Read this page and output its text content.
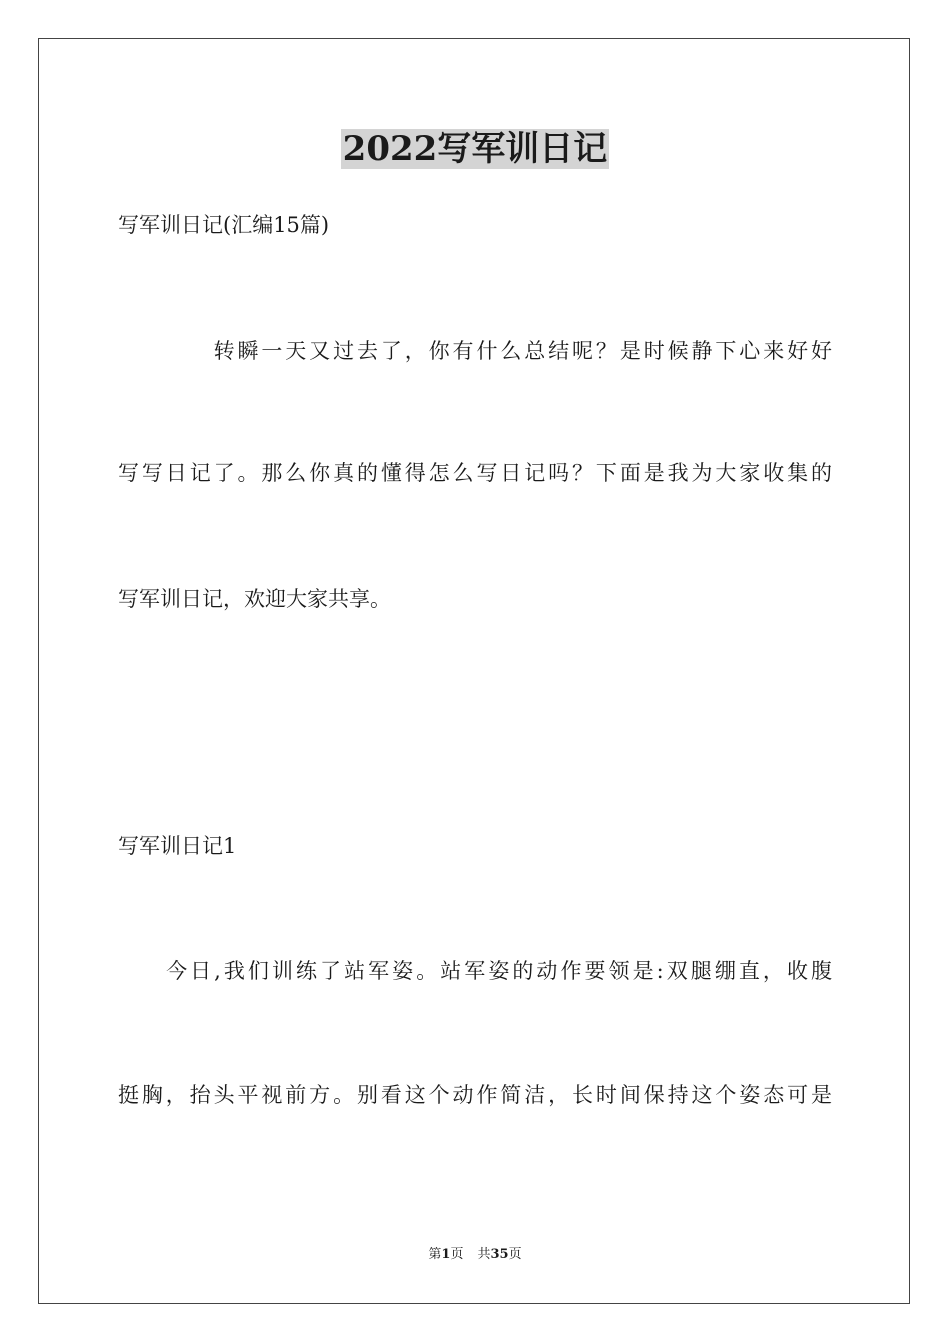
2022写军训日记
写军训日记(汇编15篇)
　　　　转瞬一天又过去了，你有什么总结呢？是时候静下心来好好
写写日记了。那么你真的懂得怎么写日记吗？下面是我为大家收集的
写军训日记，欢迎大家共享。
写军训日记1
　　今日,我们训练了站军姿。站军姿的动作要领是:双腿绷直，收腹
挺胸，抬头平视前方。别看这个动作简洁，长时间保持这个姿态可是
第1页 共35页
